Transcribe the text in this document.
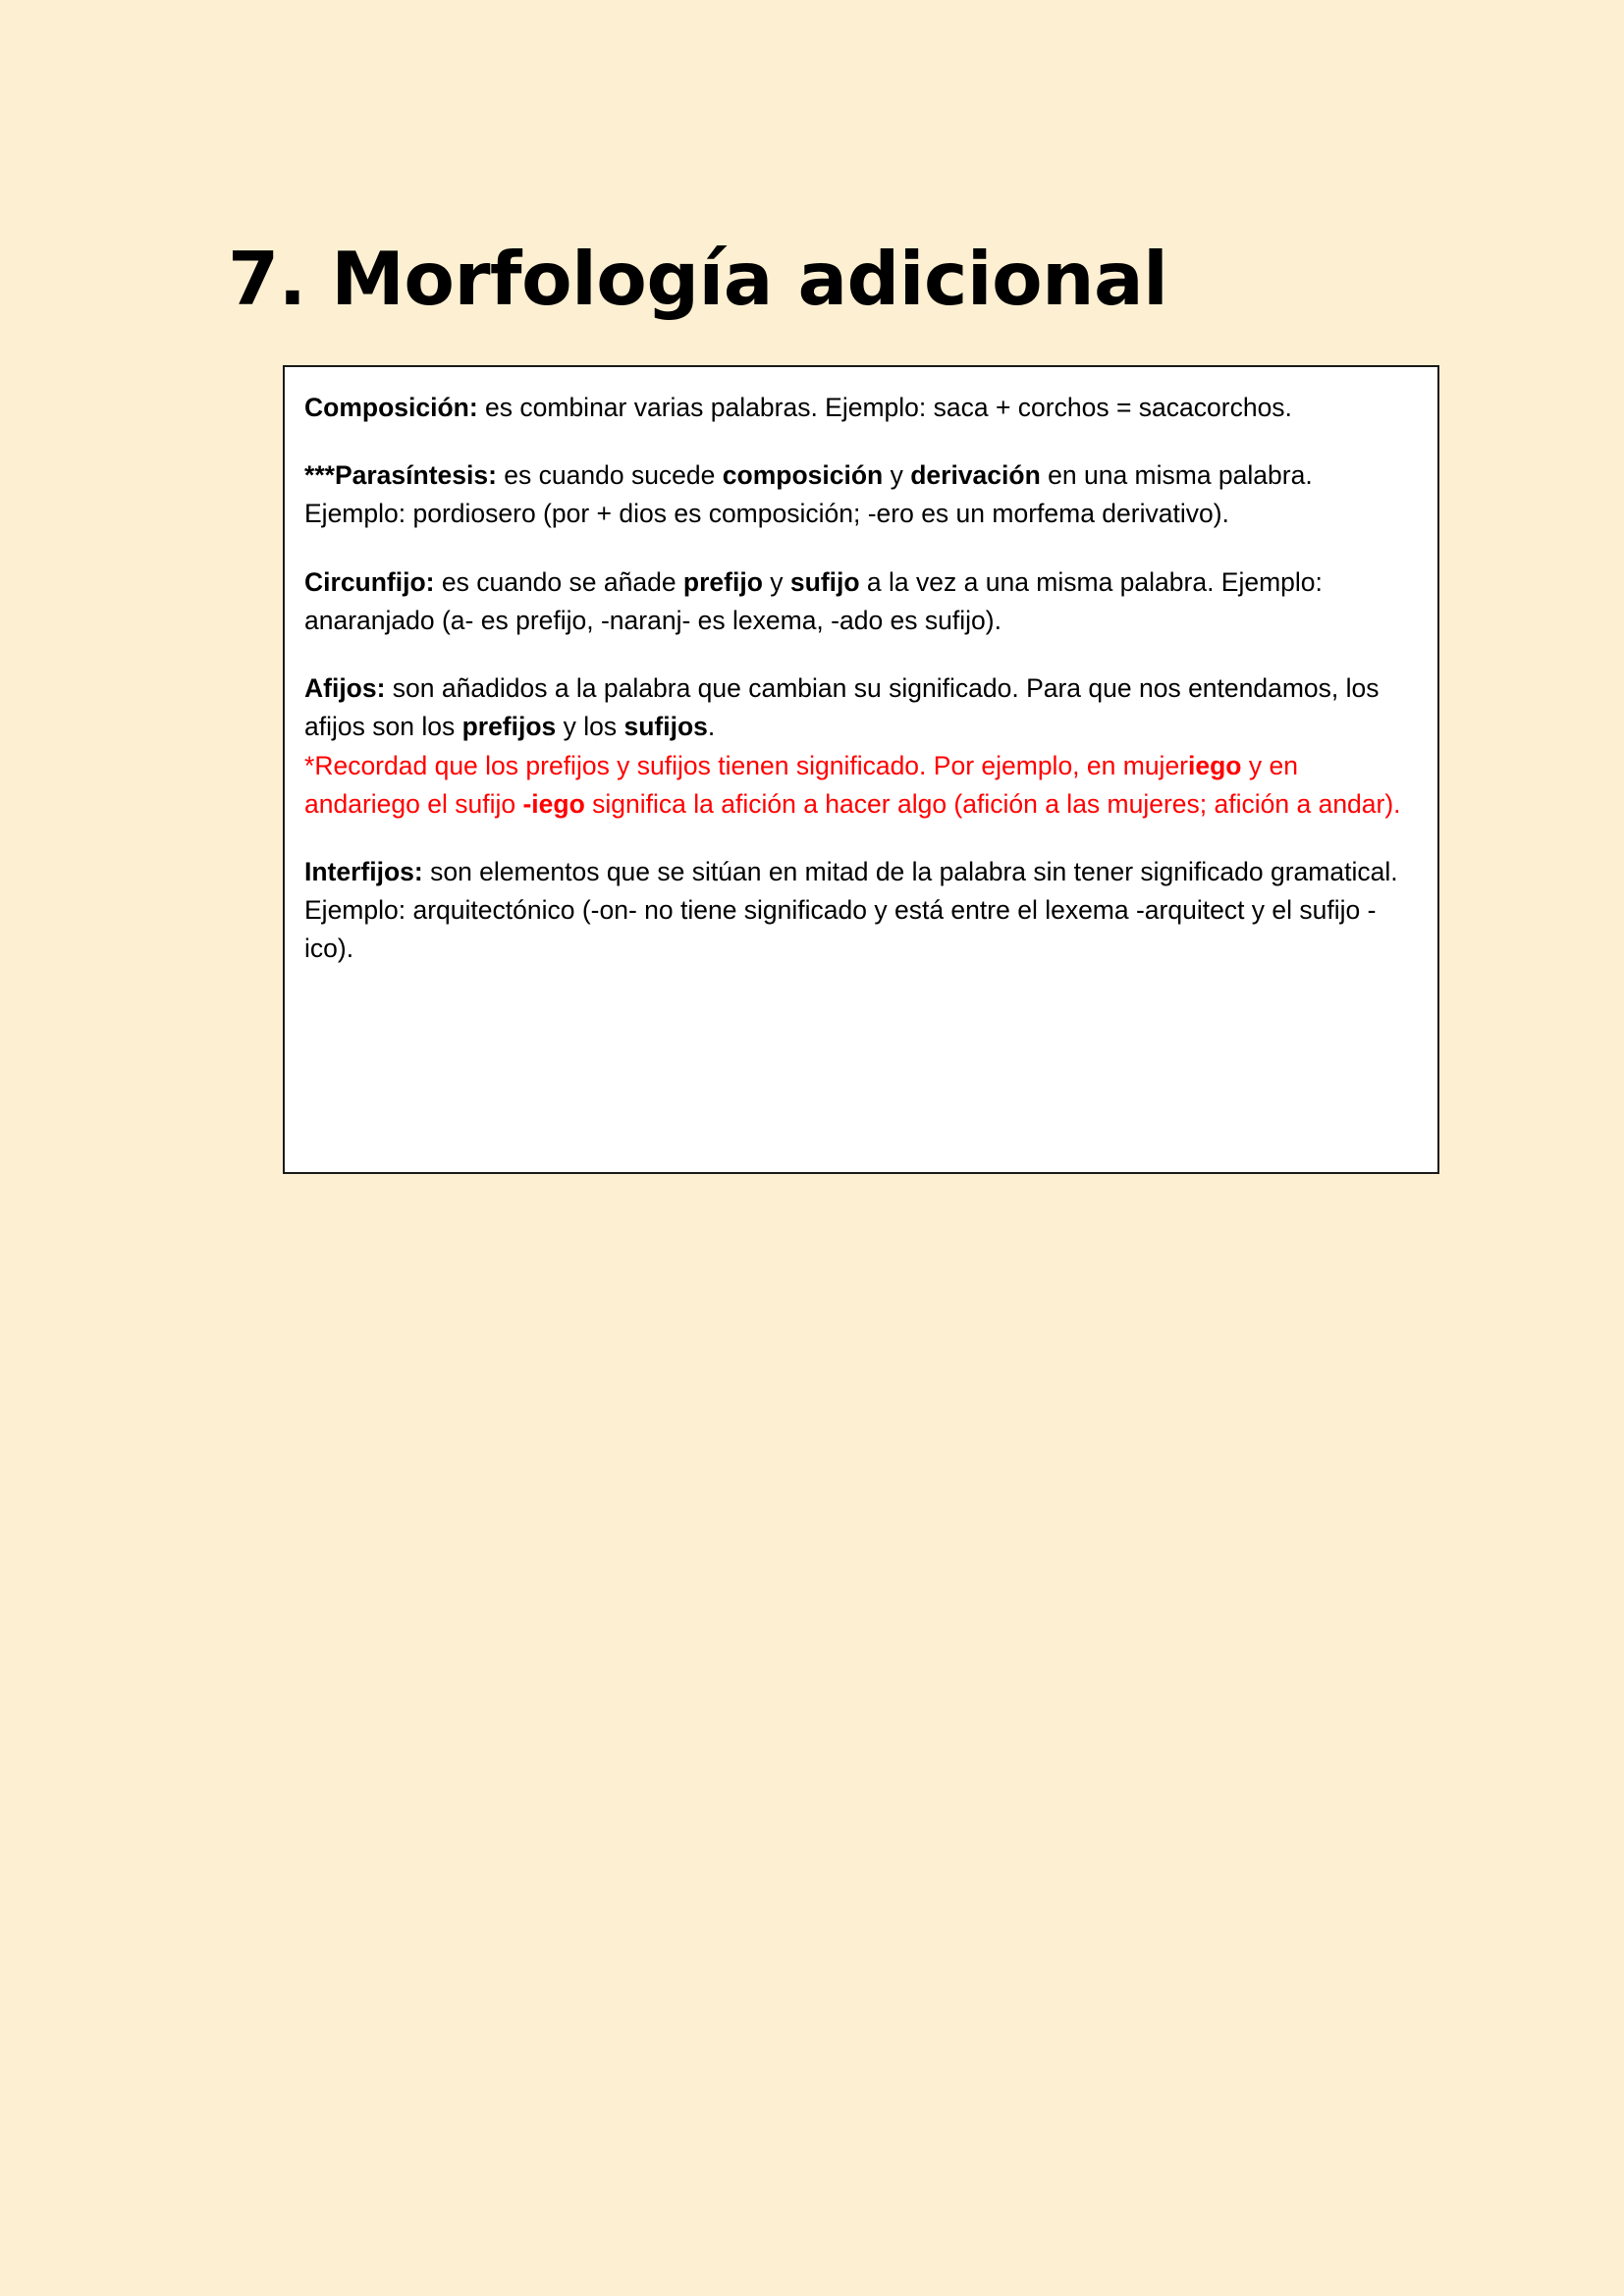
7. Morfología adicional

Composición: es combinar varias palabras. Ejemplo: saca + corchos = sacacorchos.

***Parasíntesis: es cuando sucede composición y derivación en una misma palabra. Ejemplo: pordiosero (por + dios es composición; -ero es un morfema derivativo).

Circunfijo: es cuando se añade prefijo y sufijo a la vez a una misma palabra. Ejemplo: anaranjado (a- es prefijo, -naranj- es lexema, -ado es sufijo).

Afijos: son añadidos a la palabra que cambian su significado. Para que nos entendamos, los afijos son los prefijos y los sufijos.
*Recordad que los prefijos y sufijos tienen significado. Por ejemplo, en mujeriego y en andariego el sufijo -iego significa la afición a hacer algo (afición a las mujeres; afición a andar).

Interfijos: son elementos que se sitúan en mitad de la palabra sin tener significado gramatical. Ejemplo: arquitectónico (-on- no tiene significado y está entre el lexema -arquitect y el sufijo -ico).
